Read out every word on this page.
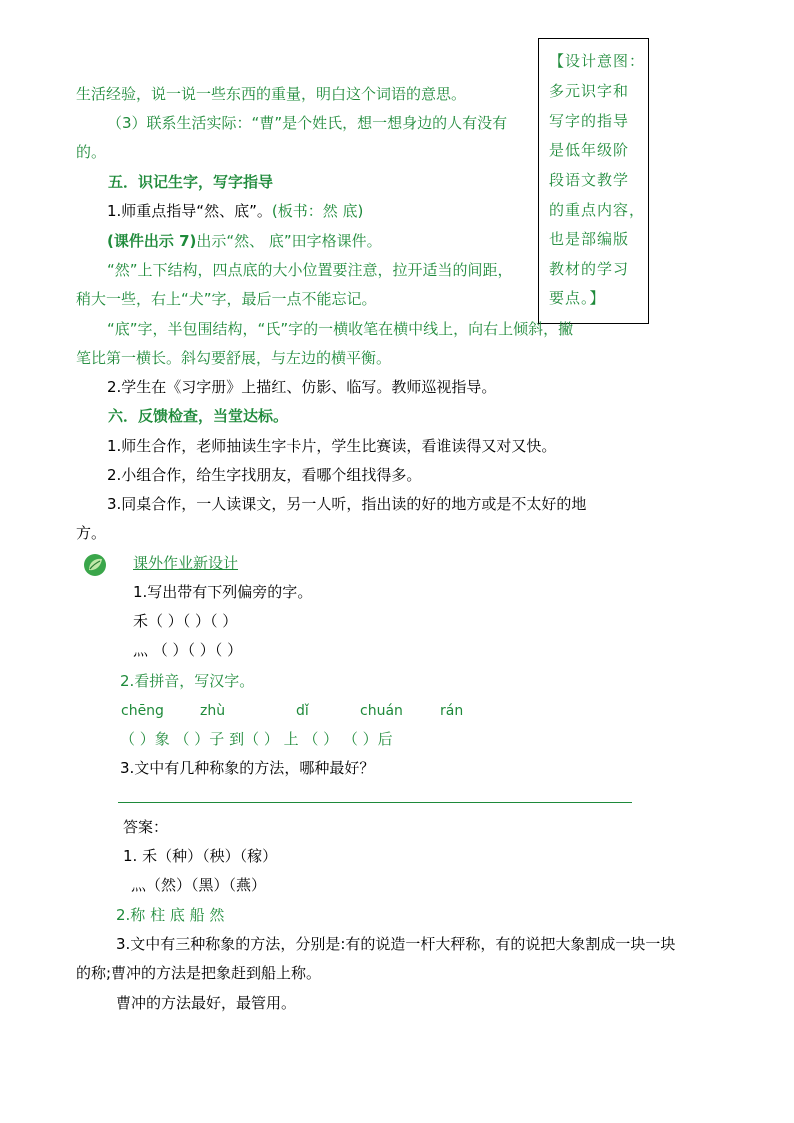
【设计意图：
多元识字和
写字的指导
是低年级阶
段语文教学
的重点内容，
也是部编版
教材的学习
要点。】
生活经验，说一说一些东西的重量，明白这个词语的意思。
（3）联系生活实际：“曹”是个姓氏，想一想身边的人有没有
的。
五．识记生字，写字指导
1.师重点指导“然、底”。(板书：然 底)
(课件出示 7)出示“然、 底”田字格课件。
“然”上下结构，四点底的大小位置要注意，拉开适当的间距，
稍大一些，右上“犬”字，最后一点不能忘记。
“底”字，半包围结构，“氏”字的一横收笔在横中线上，向右上倾斜，撇
笔比第一横长。斜勾要舒展，与左边的横平衡。
2.学生在《习字册》上描红、仿影、临写。教师巡视指导。
六．反馈检查，当堂达标。
1.师生合作，老师抽读生字卡片，学生比赛读，看谁读得又对又快。
2.小组合作，给生字找朋友，看哪个组找得多。
3.同桌合作，一人读课文，另一人听，指出读的好的地方或是不太好的地
方。
课外作业新设计
1.写出带有下列偏旁的字。
禾（ ）（ ）（ ）
灬 （ ）（ ）（ ）
2.看拼音，写汉字。
chēng	zhù	dǐ	chuán	rán
（ ）象 （ ）子 到（ ） 上 （ ） （ ）后
3.文中有几种称象的方法，哪种最好？
答案：
1. 禾（种）（秧）（稼）
灬（然）（黑）（燕）
2.称 柱 底 船 然
3.文中有三种称象的方法，分别是:有的说造一杆大秤称，有的说把大象割成一块一块
的称;曹冲的方法是把象赶到船上称。
曹冲的方法最好，最管用。
